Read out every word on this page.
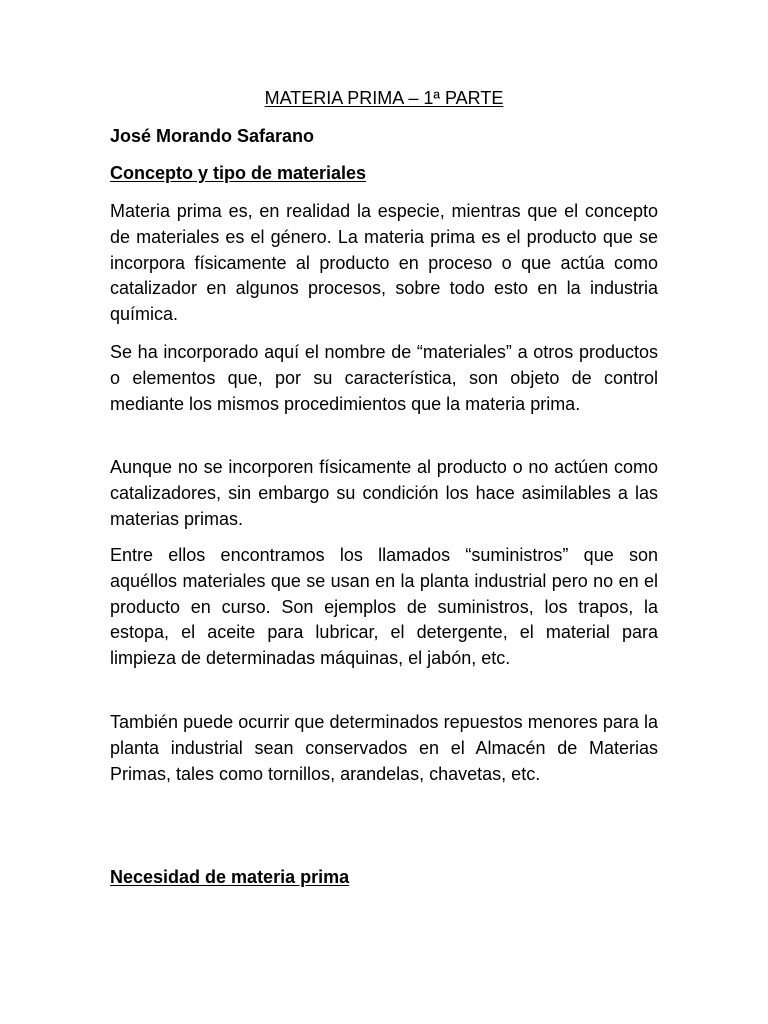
MATERIA PRIMA – 1ª PARTE
José Morando Safarano
Concepto y tipo de materiales

Materia prima es, en realidad la especie, mientras que el concepto de materiales es el género. La materia prima es el producto que se incorpora físicamente al producto en proceso o que actúa como catalizador en algunos procesos, sobre todo esto en la industria química.

Se ha incorporado aquí el nombre de “materiales” a otros productos o elementos que, por su característica, son objeto de control mediante los mismos procedimientos que la materia prima.

Aunque no se incorporen físicamente al producto o no actúen como catalizadores, sin embargo su condición los hace asimilables a las materias primas.

Entre ellos encontramos los llamados “suministros” que son aquéllos materiales que se usan en la planta industrial pero no en el producto en curso. Son ejemplos de suministros, los trapos, la estopa, el aceite para lubricar, el detergente, el material para limpieza de determinadas máquinas, el jabón, etc.

También puede ocurrir que determinados repuestos menores para la planta industrial sean conservados en el Almacén de Materias Primas, tales como tornillos, arandelas, chavetas, etc.

Necesidad de materia prima
